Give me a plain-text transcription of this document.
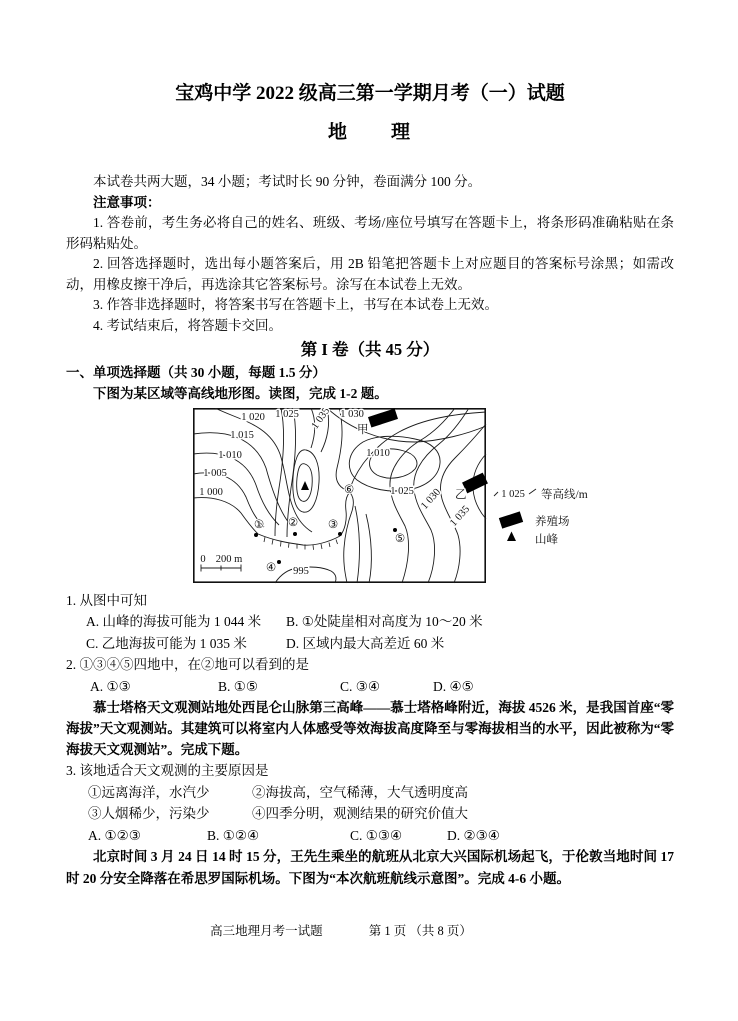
宝鸡中学 2022 级高三第一学期月考（一）试题
地　　理

本试卷共两大题，34 小题；考试时长 90 分钟，卷面满分 100 分。

注意事项：

1. 答卷前，考生务必将自己的姓名、班级、考场/座位号填写在答题卡上，将条形码准确粘贴在条形码粘贴处。

2. 回答选择题时，选出每小题答案后，用 2B 铅笔把答题卡上对应题目的答案标号涂黑；如需改动，用橡皮擦干净后，再选涂其它答案标号。涂写在本试卷上无效。

3. 作答非选择题时，将答案书写在答题卡上，书写在本试卷上无效。

4. 考试结束后，将答题卡交回。

第 I 卷（共 45 分）

一、单项选择题（共 30 小题，每题 1.5 分）

下图为某区域等高线地形图。读图，完成 1-2 题。

甲
乙
1 020 1 025 1 035 1 030
1 015
1 010
1 005
1 000
1 010
1 025 1 030
1 035
995
① ②	③
④
⑤
⑥
0 200 m
1 025 等高线/m
养殖场
山峰

1. 从图中可知

A. 山峰的海拔可能为 1 044 米	B. ①处陡崖相对高度为 10～20 米
C. 乙地海拔可能为 1 035 米	D. 区域内最大高差近 60 米

2. ①③④⑤四地中，在②地可以看到的是

A. ①③	B. ①⑤	C. ③④	D. ④⑤

慕士塔格天文观测站地处西昆仑山脉第三高峰——慕士塔格峰附近，海拔 4526 米，是我国首座“零海拔”天文观测站。其建筑可以将室内人体感受等效海拔高度降至与零海拔相当的水平，因此被称为“零海拔天文观测站”。完成下题。

3. 该地适合天文观测的主要原因是

①远离海洋，水汽少	②海拔高，空气稀薄，大气透明度高
③人烟稀少，污染少	④四季分明，观测结果的研究价值大
A. ①②③	B. ①②④	C. ①③④	D. ②③④

北京时间 3 月 24 日 14 时 15 分，王先生乘坐的航班从北京大兴国际机场起飞，于伦敦当地时间 17 时 20 分安全降落在希思罗国际机场。下图为“本次航班航线示意图”。完成 4-6 小题。

高三地理月考一试题	第 1 页 （共 8 页）
